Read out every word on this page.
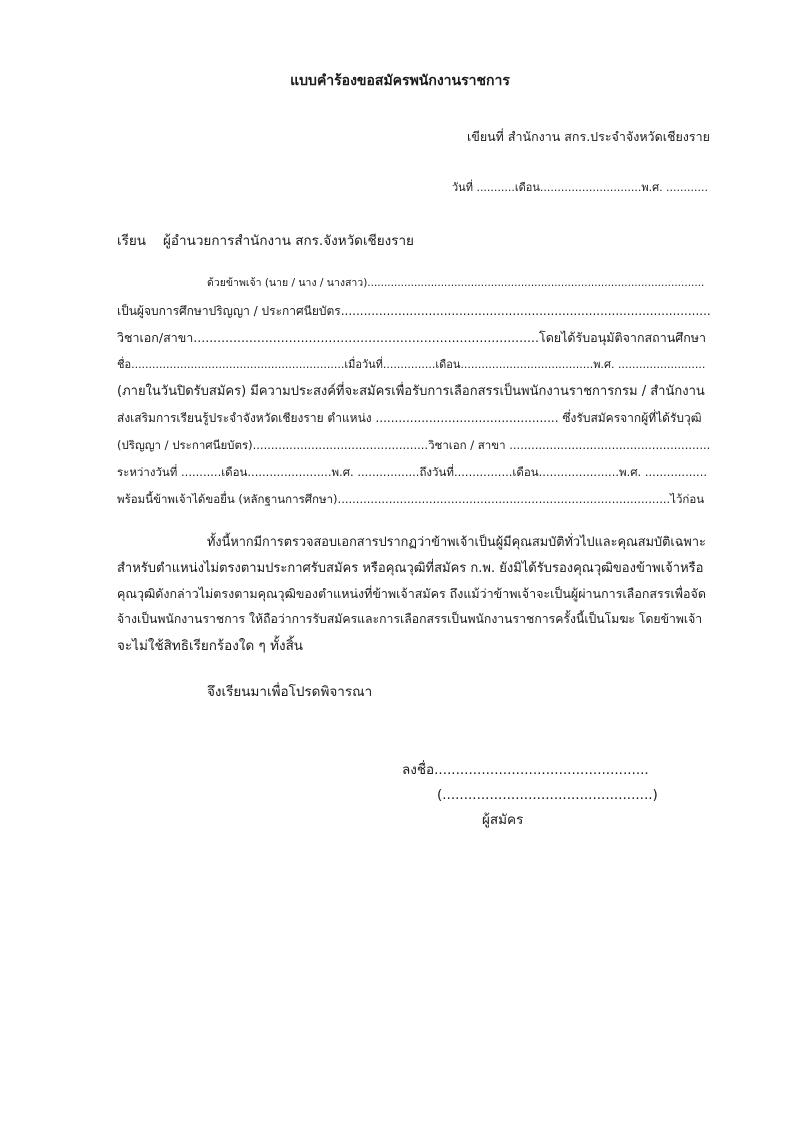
แบบคำร้องขอสมัครพนักงานราชการ
เขียนที่ สำนักงาน สกร.ประจำจังหวัดเชียงราย
วันที่ ...........เดือน.............................พ.ศ. ............
เรียน ผู้อำนวยการสำนักงาน สกร.จังหวัดเชียงราย
ด้วยข้าพเจ้า (นาย / นาง / นางสาว).....................................................................................................
เป็นผู้จบการศึกษาปริญญา / ประกาศนียบัตร.................................................................................................
วิชาเอก/สาขา.......................................................................................โดยได้รับอนุมัติจากสถานศึกษา
ชื่อ.............................................................เมื่อวันที่...............เดือน......................................พ.ศ. .........................
(ภายในวันปิดรับสมัคร) มีความประสงค์ที่จะสมัครเพื่อรับการเลือกสรรเป็นพนักงานราชการกรม / สำนักงาน
ส่งเสริมการเรียนรู้ประจำจังหวัดเชียงราย ตำแหน่ง ................................................ ซึ่งรับสมัครจากผู้ที่ได้รับวุฒิ
(ปริญญา / ประกาศนียบัตร)................................................วิชาเอก / สาขา .......................................................
ระหว่างวันที่ ...........เดือน.......................พ.ศ. .................ถึงวันที่................เดือน......................พ.ศ. .................
พร้อมนี้ข้าพเจ้าได้ขอยื่น (หลักฐานการศึกษา)...........................................................................................ไว้ก่อน
ทั้งนี้หากมีการตรวจสอบเอกสารปรากฏว่าข้าพเจ้าเป็นผู้มีคุณสมบัติทั่วไปและคุณสมบัติเฉพาะ
สำหรับตำแหน่งไม่ตรงตามประกาศรับสมัคร หรือคุณวุฒิที่สมัคร ก.พ. ยังมิได้รับรองคุณวุฒิของข้าพเจ้าหรือ
คุณวุฒิดังกล่าวไม่ตรงตามคุณวุฒิของตำแหน่งที่ข้าพเจ้าสมัคร ถึงแม้ว่าข้าพเจ้าจะเป็นผู้ผ่านการเลือกสรรเพื่อจัด
จ้างเป็นพนักงานราชการ ให้ถือว่าการรับสมัครและการเลือกสรรเป็นพนักงานราชการครั้งนี้เป็นโมฆะ โดยข้าพเจ้า
จะไม่ใช้สิทธิเรียกร้องใด ๆ ทั้งสิ้น
จึงเรียนมาเพื่อโปรดพิจารณา
ลงชื่อ..................................................
(.................................................)
ผู้สมัคร
